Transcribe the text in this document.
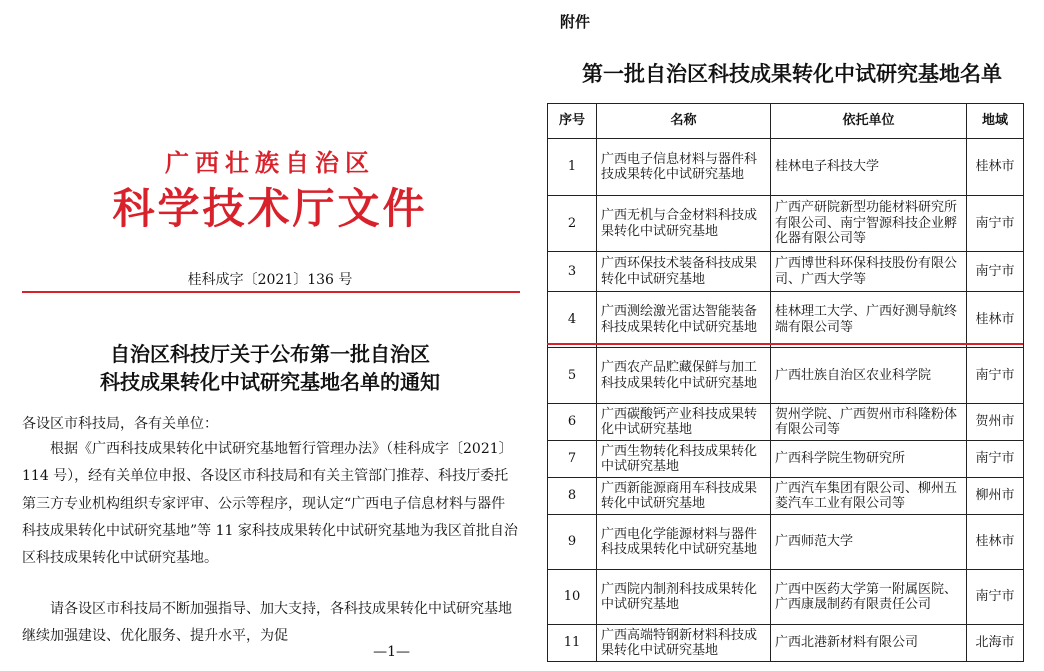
广西壮族自治区
科学技术厅文件
桂科成字〔2021〕136 号
自治区科技厅关于公布第一批自治区
科技成果转化中试研究基地名单的通知
各设区市科技局，各有关单位：
根据《广西科技成果转化中试研究基地暂行管理办法》（桂科成字〔2021〕114 号），经有关单位申报、各设区市科技局和有关主管部门推荐、科技厅委托第三方专业机构组织专家评审、公示等程序，现认定“广西电子信息材料与器件科技成果转化中试研究基地”等 11 家科技成果转化中试研究基地为我区首批自治区科技成果转化中试研究基地。
请各设区市科技局不断加强指导、加大支持，各科技成果转化中试研究基地继续加强建设、优化服务、提升水平，为促
—1—
附件
第一批自治区科技成果转化中试研究基地名单
序号	名称	依托单位	地域
1	广西电子信息材料与器件科技成果转化中试研究基地	桂林电子科技大学	桂林市
2	广西无机与合金材料科技成果转化中试研究基地	广西产研院新型功能材料研究所有限公司、南宁智源科技企业孵化器有限公司等	南宁市
3	广西环保技术装备科技成果转化中试研究基地	广西博世科环保科技股份有限公司、广西大学等	南宁市
4	广西测绘激光雷达智能装备科技成果转化中试研究基地	桂林理工大学、广西好测导航终端有限公司等	桂林市
5	广西农产品贮藏保鲜与加工科技成果转化中试研究基地	广西壮族自治区农业科学院	南宁市
6	广西碳酸钙产业科技成果转化中试研究基地	贺州学院、广西贺州市科隆粉体有限公司等	贺州市
7	广西生物转化科技成果转化中试研究基地	广西科学院生物研究所	南宁市
8	广西新能源商用车科技成果转化中试研究基地	广西汽车集团有限公司、柳州五菱汽车工业有限公司等	柳州市
9	广西电化学能源材料与器件科技成果转化中试研究基地	广西师范大学	桂林市
10	广西院内制剂科技成果转化中试研究基地	广西中医药大学第一附属医院、广西康晟制药有限责任公司	南宁市
11	广西高端特钢新材料科技成果转化中试研究基地	广西北港新材料有限公司	北海市
